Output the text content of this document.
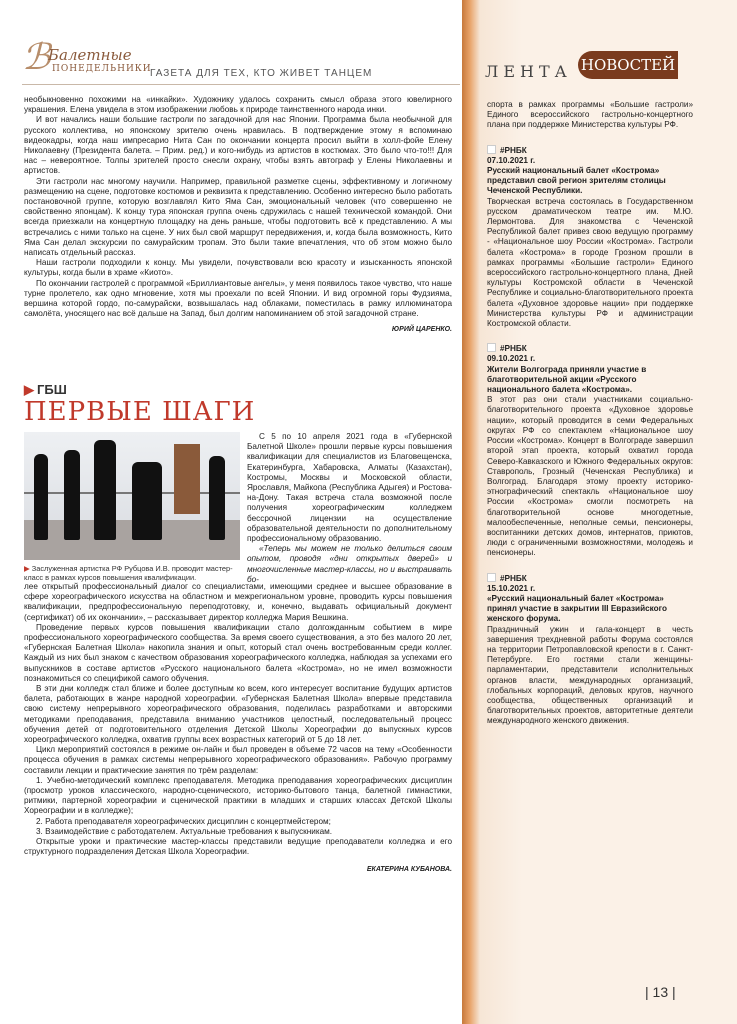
ℬ
Балетные
ПОНЕДЕЛЬНИКИ
ГАЗЕТА ДЛЯ ТЕХ, КТО ЖИВЕТ ТАНЦЕМ

необыкновенно похожими на «инкайки». Художнику удалось сохранить смысл образа этого ювелирного украшения. Елена увидела в этом изображении любовь к природе таинственного народа инки.

И вот начались наши большие гастроли по загадочной для нас Японии. Программа была необычной для русского коллектива, но японскому зрителю очень нравилась. В подтверждение этому я вспоминаю видеокадры, когда наш импресарио Нита Сан по окончании концерта просил выйти в холл-фойе Елену Николаевну (Президента балета. – Прим. ред.) и кого-нибудь из артистов в костюмах. Это было что-то!!! Для нас – невероятное. Толпы зрителей просто снесли охрану, чтобы взять автограф у Елены Николаевны и артистов.

Эти гастроли нас многому научили. Например, правильной разметке сцены, эффективному и логичному размещению на сцене, подготовке костюмов и реквизита к представлению. Особенно интересно было работать постановочной группе, которую возглавлял Кито Яма Сан, эмоциональный человек (что совершенно не свойственно японцам). К концу тура японская группа очень сдружилась с нашей технической командой. Они всегда приезжали на концертную площадку на день раньше, чтобы подготовить всё к представлению. А мы встречались с ними только на сцене. У них был свой маршрут передвижения, и, когда была возможность, Кито Яма Сан делал экскурсии по самурайским тропам. Это были такие впечатления, что об этом можно было написать отдельный рассказ.

Наши гастроли подходили к концу. Мы увидели, почувствовали всю красоту и изысканность японской культуры, когда были в храме «Киото».

По окончании гастролей с программой «Бриллиантовые ангелы», у меня появилось такое чувство, что наше турне пролетело, как одно мгновение, хотя мы проехали по всей Японии. И вид огромной горы Фудзияма, вершина которой гордо, по-самурайски, возвышалась над облаками, поместилась в рамку иллюминатора самолёта, уносящего нас всё дальше на Запад, был долгим напоминанием об этой загадочной стране.

ЮРИЙ ЦАРЕНКО.

▶ ГБШ
ПЕРВЫЕ ШАГИ
▶ Заслуженная артистка РФ Рубцова И.В. проводит мастер-класс в рамках курсов повышения квалификации.

С 5 по 10 апреля 2021 года в «Губернской Балетной Школе» прошли первые курсы повышения квалификации для специалистов из Благовещенска, Екатеринбурга, Хабаровска, Алматы (Казахстан), Костромы, Москвы и Московской области, Ярославля, Майкопа (Республика Адыгея) и Ростова-на-Дону. Такая встреча стала возможной после получения хореографическим колледжем бессрочной лицензии на осуществление образовательной деятельности по дополнительному профессиональному образованию.

«Теперь мы можем не только делиться своим опытом, проводя «дни открытых дверей» и многочисленные мастер-классы, но и выстраивать бо-

лее открытый профессиональный диалог со специалистами, имеющими среднее и высшее образование в сфере хореографического искусства на областном и межрегиональном уровне, проводить курсы повышения квалификации, предпрофессиональную переподготовку, и, конечно, выдавать официальный документ (сертификат) об их окончании», – рассказывает директор колледжа Мария Вешкина.

Проведение первых курсов повышения квалификации стало долгожданным событием в мире профессионального хореографического сообщества. За время своего существования, а это без малого 20 лет, «Губернская Балетная Школа» накопила знания и опыт, который стал очень востребованным среди коллег. Каждый из них был знаком с качеством образования хореографического колледжа, наблюдая за успехами его выпускников в составе артистов «Русского национального балета «Кострома», но не имел возможности познакомиться со спецификой самого обучения.

В эти дни колледж стал ближе и более доступным ко всем, кого интересует воспитание будущих артистов балета, работающих в жанре народной хореографии. «Губернская Балетная Школа» впервые представила свою систему непрерывного хореографического образования, поделилась разработками и авторскими методиками преподавания, представила вниманию участников целостный, последовательный процесс обучения детей от подготовительного отделения Детской Школы Хореографии до выпускных курсов хореографического колледжа, охватив группы всех возрастных категорий от 5 до 18 лет.

Цикл мероприятий состоялся в режиме он-лайн и был проведен в объеме 72 часов на тему «Особенности процесса обучения в рамках системы непрерывного хореографического образования». Рабочую программу составили лекции и практические занятия по трём разделам:

1. Учебно-методический комплекс преподавателя. Методика преподавания хореографических дисциплин (просмотр уроков классического, народно-сценического, историко-бытового танца, балетной гимнастики, ритмики, партерной хореографии и сценической практики в младших и старших классах Детской Школы Хореографии и в колледже);

2. Работа преподавателя хореографических дисциплин с концертмейстером;

3. Взаимодействие с работодателем. Актуальные требования к выпускникам.

Открытые уроки и практические мастер-классы представили ведущие преподаватели колледжа и его структурного подразделения Детская Школа Хореографии.

ЕКАТЕРИНА КУБАНОВА.

ЛЕНТА НОВОСТЕЙ
спорта в рамках программы «Большие гастроли» Единого всероссийского гастрольно-концертного плана при поддержке Министерства культуры РФ.
#РНБК
07.10.2021 г.
Русский национальный балет «Кострома» представил свой регион зрителям столицы Чеченской Республики.
Творческая встреча состоялась в Государственном русском драматическом театре им. М.Ю. Лермонтова. Для знакомства с Чеченской Республикой балет привез свою ведущую программу - «Национальное шоу России «Кострома». Гастроли балета «Кострома» в городе Грозном прошли в рамках программы «Большие гастроли» Единого всероссийского гастрольно-концертного плана, Дней культуры Костромской области в Чеченской Республике и социально-благотворительного проекта балета «Духовное здоровье нации» при поддержке Министерства культуры РФ и администрации Костромской области.
#РНБК
09.10.2021 г.
Жители Волгограда приняли участие в благотворительной акции «Русского национального балета «Кострома».
В этот раз они стали участниками социально-благотворительного проекта «Духовное здоровье нации», который проводится в семи Федеральных округах РФ со спектаклем «Национальное шоу России «Кострома». Концерт в Волгограде завершил второй этап проекта, который охватил города Северо-Кавказского и Южного Федеральных округов: Ставрополь, Грозный (Чеченская Республика) и Волгоград. Благодаря этому проекту историко-этнографический спектакль «Национальное шоу России «Кострома» смогли посмотреть на благотворительной основе многодетные, малообеспеченные, неполные семьи, пенсионеры, воспитанники детских домов, интернатов, приютов, люди с ограниченными возможностями, молодежь и пенсионеры.
#РНБК
15.10.2021 г.
«Русский национальный балет «Кострома» принял участие в закрытии III Евразийского женского форума.
Праздничный ужин и гала-концерт в честь завершения трехдневной работы Форума состоялся на территории Петропавловской крепости в г. Санкт-Петербурге. Его гостями стали женщины-парламентарии, представители исполнительных органов власти, международных организаций, глобальных корпораций, деловых кругов, научного сообщества, общественных организаций и благотворительных проектов, авторитетные деятели международного женского движения.
| 13 |
